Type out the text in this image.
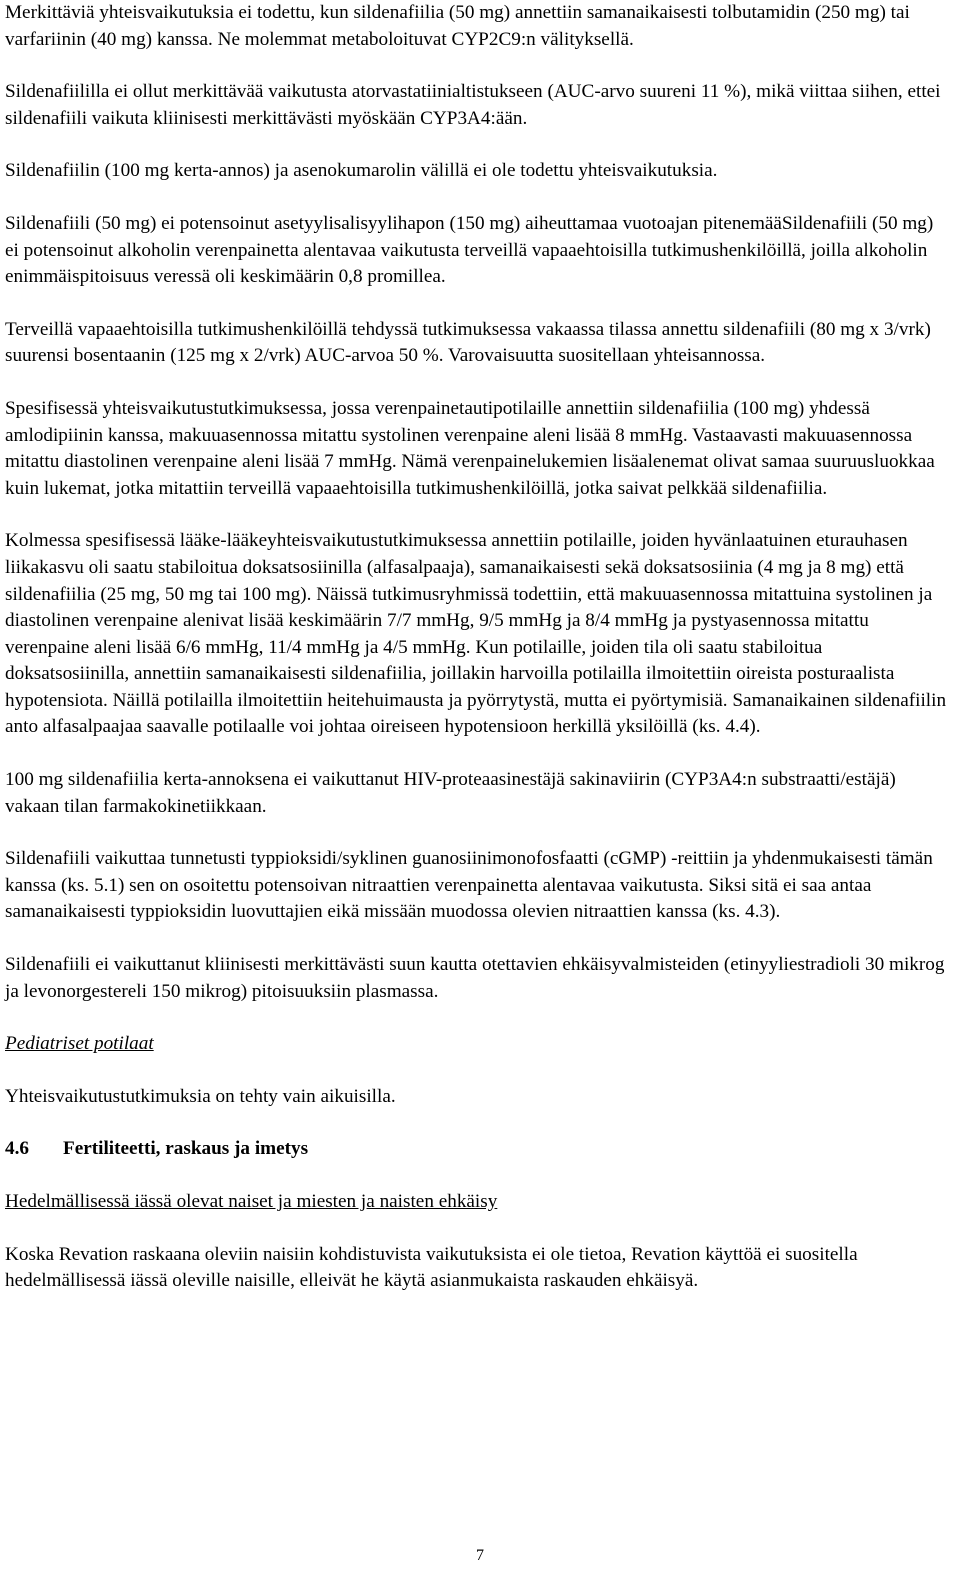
Merkittäviä yhteisvaikutuksia ei todettu, kun sildenafiilia (50 mg) annettiin samanaikaisesti tolbutamidin (250 mg) tai varfariinin (40 mg) kanssa. Ne molemmat metaboloituvat CYP2C9:n välityksellä.

Sildenafiililla ei ollut merkittävää vaikutusta atorvastatiinialtistukseen (AUC-arvo suureni 11 %), mikä viittaa siihen, ettei sildenafiili vaikuta kliinisesti merkittävästi myöskään CYP3A4:ään.

Sildenafiilin (100 mg kerta-annos) ja asenokumarolin välillä ei ole todettu yhteisvaikutuksia.

Sildenafiili (50 mg) ei potensoinut asetyylisalisyylihapon (150 mg) aiheuttamaa vuotoajan pitenemääSildenafiili (50 mg) ei potensoinut alkoholin verenpainetta alentavaa vaikutusta terveillä vapaaehtoisilla tutkimushenkilöillä, joilla alkoholin enimmäispitoisuus veressä oli keskimäärin 0,8 promillea.

Terveillä vapaaehtoisilla tutkimushenkilöillä tehdyssä tutkimuksessa vakaassa tilassa annettu sildenafiili (80 mg x 3/vrk) suurensi bosentaanin (125 mg x 2/vrk) AUC-arvoa 50 %. Varovaisuutta suositellaan yhteisannossa.

Spesifisessä yhteisvaikutustutkimuksessa, jossa verenpainetautipotilaille annettiin sildenafiilia (100 mg) yhdessä amlodipiinin kanssa, makuuasennossa mitattu systolinen verenpaine aleni lisää 8 mmHg. Vastaavasti makuuasennossa mitattu diastolinen verenpaine aleni lisää 7 mmHg. Nämä verenpainelukemien lisäalenemat olivat samaa suuruusluokkaa kuin lukemat, jotka mitattiin terveillä vapaaehtoisilla tutkimushenkilöillä, jotka saivat pelkkää sildenafiilia.

Kolmessa spesifisessä lääke-lääkeyhteisvaikutustutkimuksessa annettiin potilaille, joiden hyvänlaatuinen eturauhasen liikakasvu oli saatu stabiloitua doksatsosiinilla (alfasalpaaja), samanaikaisesti sekä doksatsosiinia (4 mg ja 8 mg) että sildenafiilia (25 mg, 50 mg tai 100 mg). Näissä tutkimusryhmissä todettiin, että makuuasennossa mitattuina systolinen ja diastolinen verenpaine alenivat lisää keskimäärin 7/7 mmHg, 9/5 mmHg ja 8/4 mmHg ja pystyasennossa mitattu verenpaine aleni lisää 6/6 mmHg, 11/4 mmHg ja 4/5 mmHg. Kun potilaille, joiden tila oli saatu stabiloitua doksatsosiinilla, annettiin samanaikaisesti sildenafiilia, joillakin harvoilla potilailla ilmoitettiin oireista posturaalista hypotensiota. Näillä potilailla ilmoitettiin heitehuimausta ja pyörrytystä, mutta ei pyörtymisiä. Samanaikainen sildenafiilin anto alfasalpaajaa saavalle potilaalle voi johtaa oireiseen hypotensioon herkillä yksilöillä (ks. 4.4).

100 mg sildenafiilia kerta-annoksena ei vaikuttanut HIV-proteaasinestäjä sakinaviirin (CYP3A4:n substraatti/estäjä) vakaan tilan farmakokinetiikkaan.

Sildenafiili vaikuttaa tunnetusti typpioksidi/syklinen guanosiinimonofosfaatti (cGMP) -reittiin ja yhdenmukaisesti tämän kanssa (ks. 5.1) sen on osoitettu potensoivan nitraattien verenpainetta alentavaa vaikutusta. Siksi sitä ei saa antaa samanaikaisesti typpioksidin luovuttajien eikä missään muodossa olevien nitraattien kanssa (ks. 4.3).

Sildenafiili ei vaikuttanut kliinisesti merkittävästi suun kautta otettavien ehkäisyvalmisteiden (etinyyliestradioli 30 mikrog ja levonorgestereli 150 mikrog) pitoisuuksiin plasmassa.

Pediatriset potilaat

Yhteisvaikutustutkimuksia on tehty vain aikuisilla.

4.6 Fertiliteetti, raskaus ja imetys

Hedelmällisessä iässä olevat naiset ja miesten ja naisten ehkäisy

Koska Revation raskaana oleviin naisiin kohdistuvista vaikutuksista ei ole tietoa, Revation käyttöä ei suositella hedelmällisessä iässä oleville naisille, elleivät he käytä asianmukaista raskauden ehkäisyä.

7
